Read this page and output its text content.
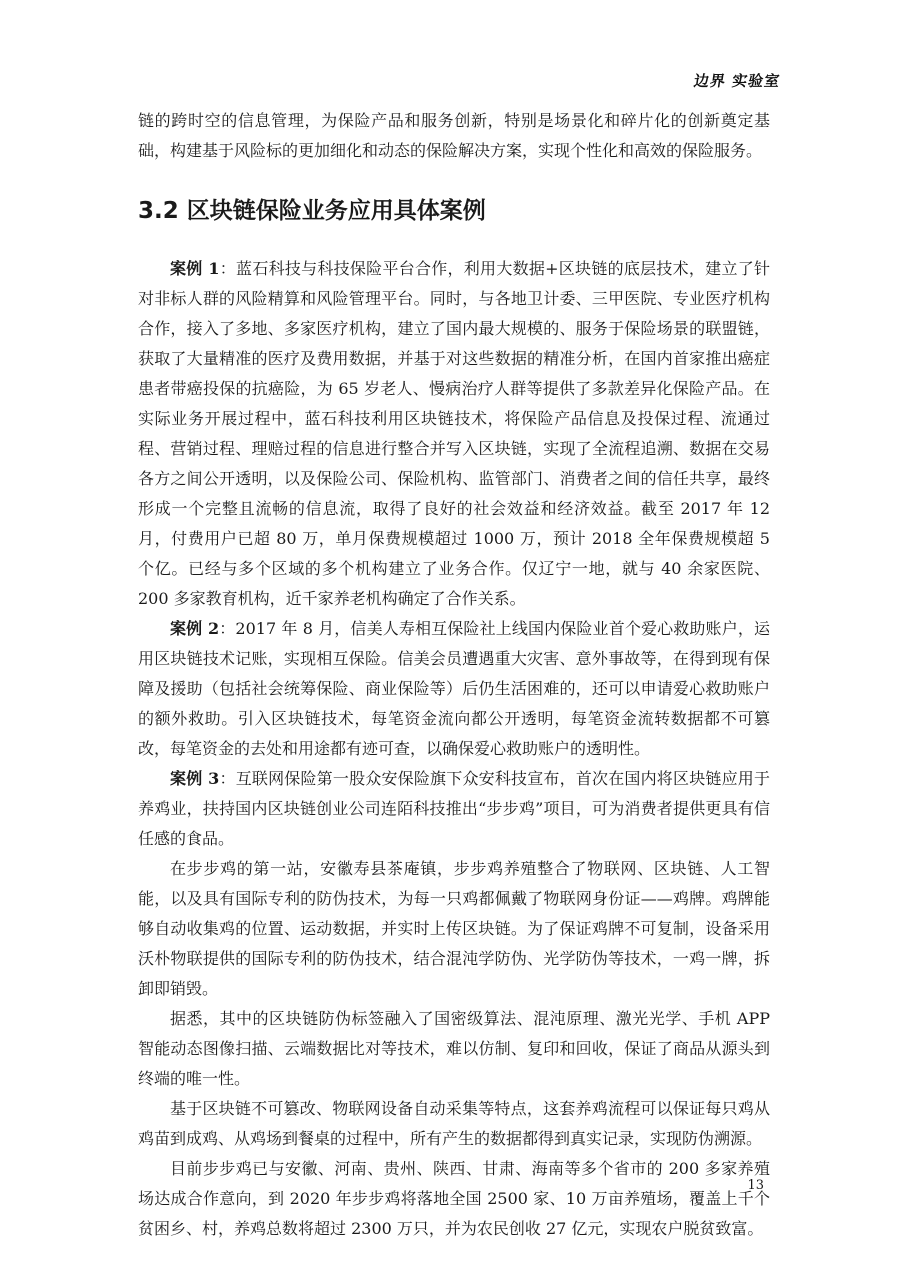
边界 实验室

链的跨时空的信息管理，为保险产品和服务创新，特别是场景化和碎片化的创新奠定基础，构建基于风险标的更加细化和动态的保险解决方案，实现个性化和高效的保险服务。

3.2 区块链保险业务应用具体案例

案例 1：蓝石科技与科技保险平台合作，利用大数据+区块链的底层技术，建立了针对非标人群的风险精算和风险管理平台。同时，与各地卫计委、三甲医院、专业医疗机构合作，接入了多地、多家医疗机构，建立了国内最大规模的、服务于保险场景的联盟链，获取了大量精准的医疗及费用数据，并基于对这些数据的精准分析，在国内首家推出癌症患者带癌投保的抗癌险，为 65 岁老人、慢病治疗人群等提供了多款差异化保险产品。在实际业务开展过程中，蓝石科技利用区块链技术，将保险产品信息及投保过程、流通过程、营销过程、理赔过程的信息进行整合并写入区块链，实现了全流程追溯、数据在交易各方之间公开透明，以及保险公司、保险机构、监管部门、消费者之间的信任共享，最终形成一个完整且流畅的信息流，取得了良好的社会效益和经济效益。截至 2017 年 12 月，付费用户已超 80 万，单月保费规模超过 1000 万，预计 2018 全年保费规模超 5 个亿。已经与多个区域的多个机构建立了业务合作。仅辽宁一地，就与 40 余家医院、200 多家教育机构，近千家养老机构确定了合作关系。

案例 2：2017 年 8 月，信美人寿相互保险社上线国内保险业首个爱心救助账户，运用区块链技术记账，实现相互保险。信美会员遭遇重大灾害、意外事故等，在得到现有保障及援助（包括社会统筹保险、商业保险等）后仍生活困难的，还可以申请爱心救助账户的额外救助。引入区块链技术，每笔资金流向都公开透明，每笔资金流转数据都不可篡改，每笔资金的去处和用途都有迹可查，以确保爱心救助账户的透明性。

案例 3：互联网保险第一股众安保险旗下众安科技宣布，首次在国内将区块链应用于养鸡业，扶持国内区块链创业公司连陌科技推出“步步鸡”项目，可为消费者提供更具有信任感的食品。

在步步鸡的第一站，安徽寿县茶庵镇，步步鸡养殖整合了物联网、区块链、人工智能，以及具有国际专利的防伪技术，为每一只鸡都佩戴了物联网身份证——鸡牌。鸡牌能够自动收集鸡的位置、运动数据，并实时上传区块链。为了保证鸡牌不可复制，设备采用沃朴物联提供的国际专利的防伪技术，结合混沌学防伪、光学防伪等技术，一鸡一牌，拆卸即销毁。

据悉，其中的区块链防伪标签融入了国密级算法、混沌原理、激光光学、手机 APP 智能动态图像扫描、云端数据比对等技术，难以仿制、复印和回收，保证了商品从源头到终端的唯一性。

基于区块链不可篡改、物联网设备自动采集等特点，这套养鸡流程可以保证每只鸡从鸡苗到成鸡、从鸡场到餐桌的过程中，所有产生的数据都得到真实记录，实现防伪溯源。

目前步步鸡已与安徽、河南、贵州、陕西、甘肃、海南等多个省市的 200 多家养殖场达成合作意向，到 2020 年步步鸡将落地全国 2500 家、10 万亩养殖场，覆盖上千个贫困乡、村，养鸡总数将超过 2300 万只，并为农民创收 27 亿元，实现农户脱贫致富。

13
